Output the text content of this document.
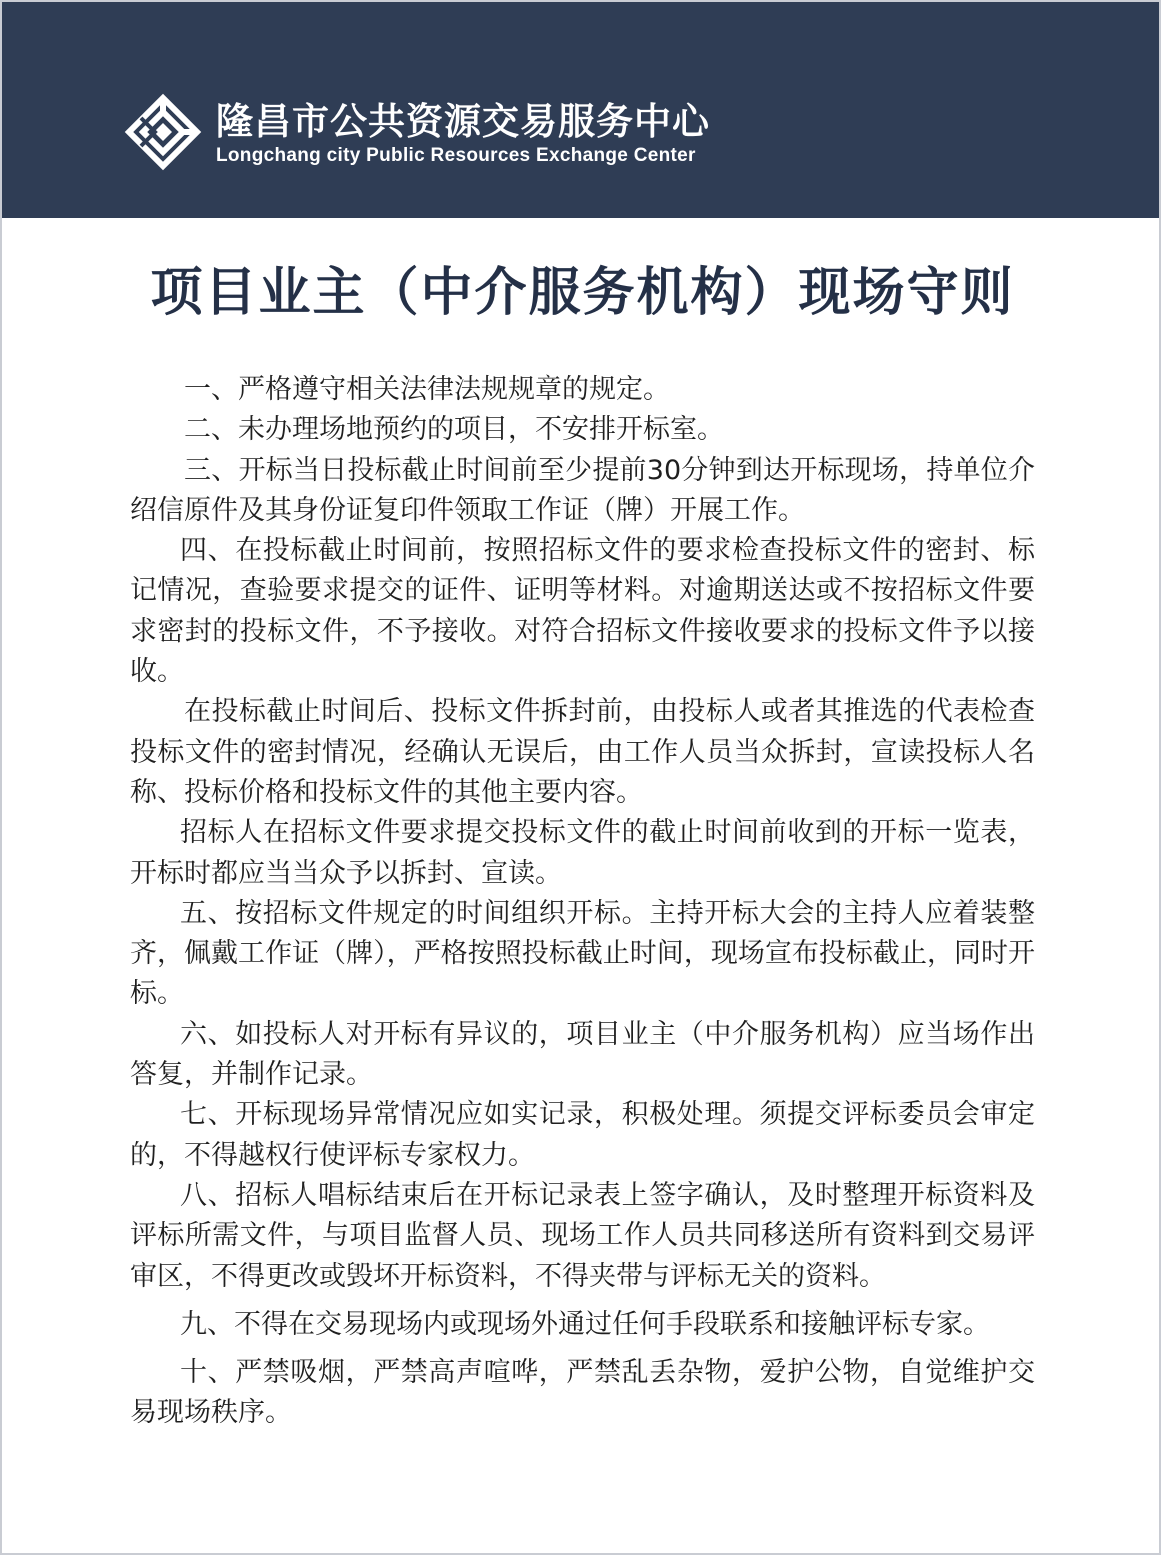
隆昌市公共资源交易服务中心
Longchang city Public Resources Exchange Center
项目业主（中介服务机构）现场守则

一、严格遵守相关法律法规规章的规定。

二、未办理场地预约的项目，不安排开标室。

三、开标当日投标截止时间前至少提前30分钟到达开标现场，持单位介绍信原件及其身份证复印件领取工作证（牌）开展工作。

四、在投标截止时间前，按照招标文件的要求检查投标文件的密封、标记情况，查验要求提交的证件、证明等材料。对逾期送达或不按招标文件要求密封的投标文件，不予接收。对符合招标文件接收要求的投标文件予以接收。

在投标截止时间后、投标文件拆封前，由投标人或者其推选的代表检查投标文件的密封情况，经确认无误后，由工作人员当众拆封，宣读投标人名称、投标价格和投标文件的其他主要内容。

招标人在招标文件要求提交投标文件的截止时间前收到的开标一览表，开标时都应当当众予以拆封、宣读。

五、按招标文件规定的时间组织开标。主持开标大会的主持人应着装整齐，佩戴工作证（牌），严格按照投标截止时间，现场宣布投标截止，同时开标。

六、如投标人对开标有异议的，项目业主（中介服务机构）应当场作出答复，并制作记录。

七、开标现场异常情况应如实记录，积极处理。须提交评标委员会审定的，不得越权行使评标专家权力。

八、招标人唱标结束后在开标记录表上签字确认，及时整理开标资料及评标所需文件，与项目监督人员、现场工作人员共同移送所有资料到交易评审区，不得更改或毁坏开标资料，不得夹带与评标无关的资料。

九、不得在交易现场内或现场外通过任何手段联系和接触评标专家。

十、严禁吸烟，严禁高声喧哗，严禁乱丢杂物，爱护公物，自觉维护交易现场秩序。
